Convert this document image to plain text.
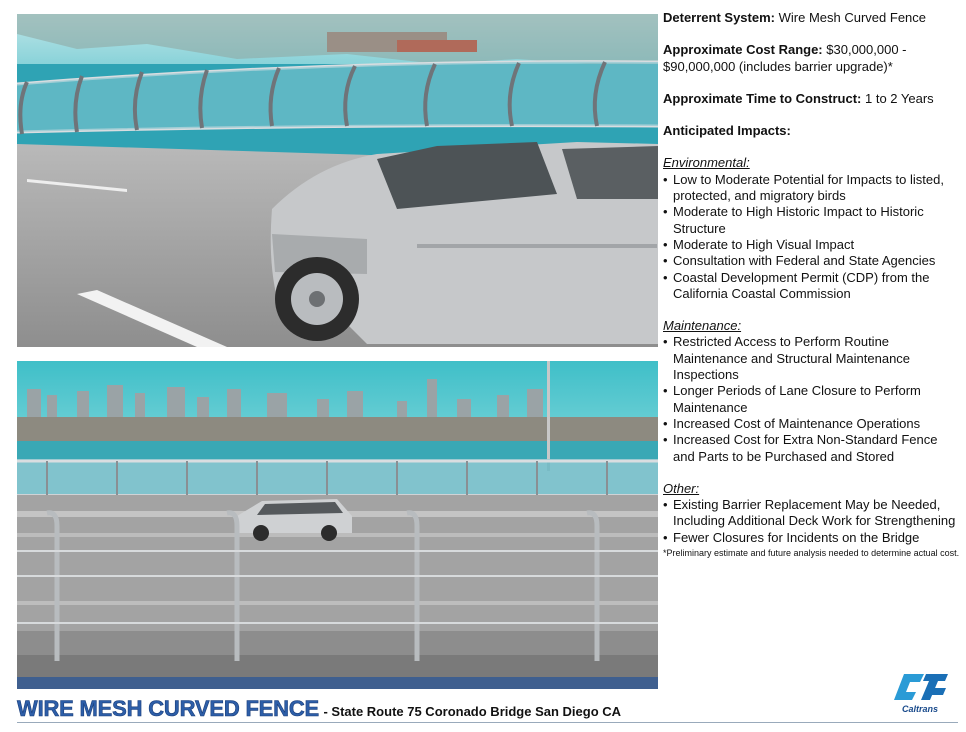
Deterrent System: Wire Mesh Curved Fence

Approximate Cost Range: $30,000,000 - $90,000,000 (includes barrier upgrade)*

Approximate Time to Construct: 1 to 2 Years

Anticipated Impacts:

Environmental:

• Low to Moderate Potential for Impacts to listed, protected, and migratory birds
• Moderate to High Historic Impact to Historic Structure
• Moderate to High Visual Impact
• Consultation with Federal and State Agencies
• Coastal Development Permit (CDP) from the California Coastal Commission

Maintenance:

• Restricted Access to Perform Routine Maintenance and Structural Maintenance Inspections
• Longer Periods of Lane Closure to Perform Maintenance
• Increased Cost of Maintenance Operations
• Increased Cost for Extra Non-Standard Fence and Parts to be Purchased and Stored

Other:

• Existing Barrier Replacement May be Needed, Including Additional Deck Work for Strengthening
• Fewer Closures for Incidents on the Bridge

*Preliminary estimate and future analysis needed to determine actual cost.

WIRE MESH CURVED FENCE - State Route 75 Coronado Bridge San Diego CA	Caltrans
